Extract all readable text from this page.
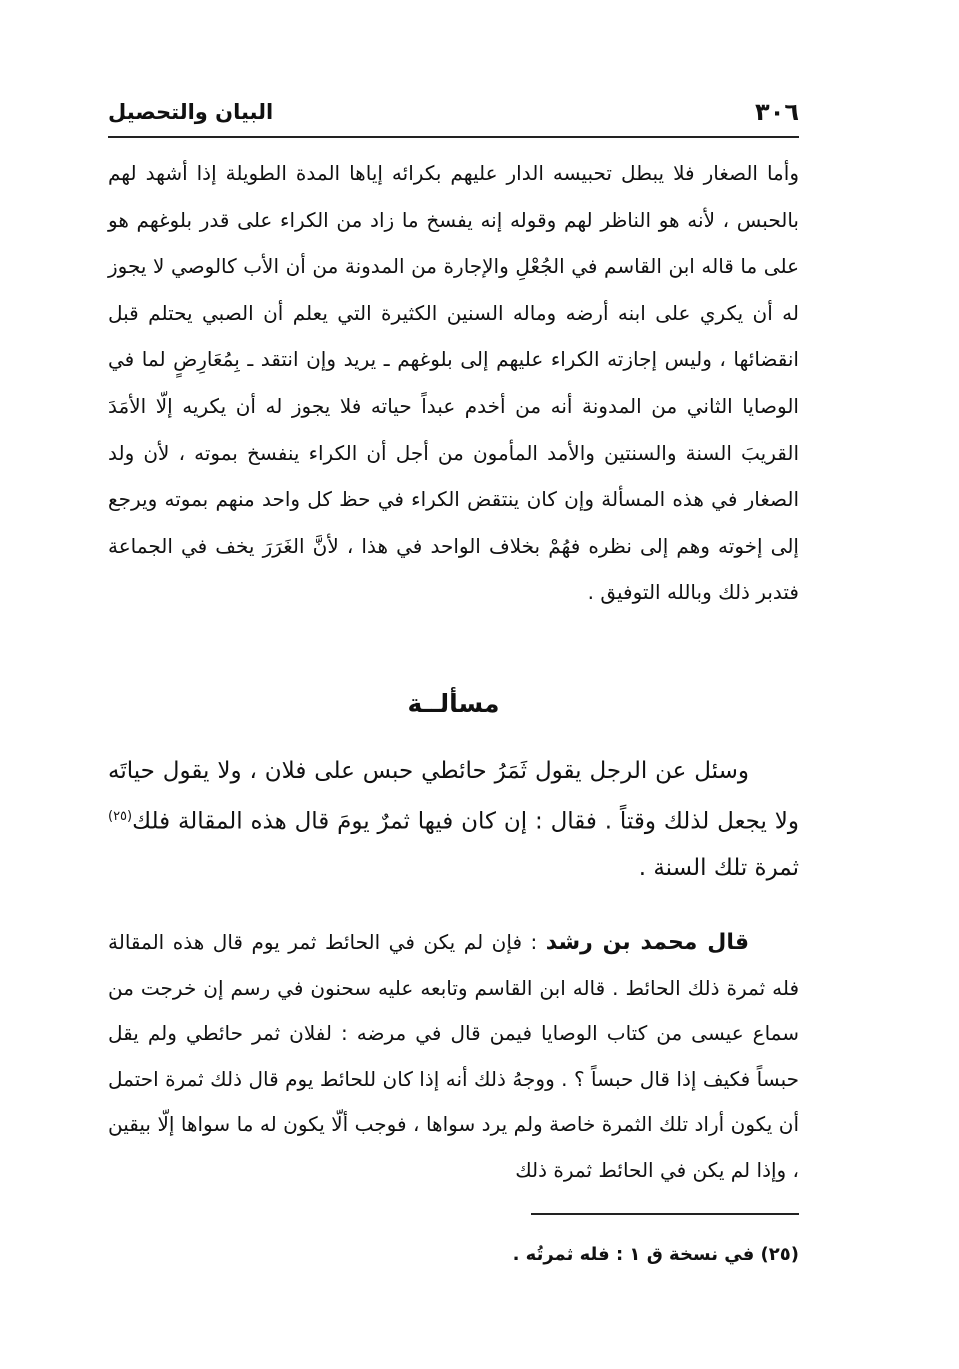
٣٠٦
البيان والتحصيل

وأما الصغار فلا يبطل تحبيسه الدار عليهم بكرائه إياها المدة الطويلة إذا أشهد لهم بالحبس ، لأنه هو الناظر لهم وقوله إنه يفسخ ما زاد من الكراء على قدر بلوغهم هو على ما قاله ابن القاسم في الجُعْلِ والإجارة من المدونة من أن الأب كالوصي لا يجوز له أن يكري على ابنه أرضه وماله السنين الكثيرة التي يعلم أن الصبي يحتلم قبل انقضائها ، وليس إجازته الكراء عليهم إلى بلوغهم ـ يريد وإن انتقد ـ بِمُعَارِضٍ لما في الوصايا الثاني من المدونة أنه من أخدم عبداً حياته فلا يجوز له أن يكريه إلّا الأمَدَ القريبَ السنة والسنتين والأمد المأمون من أجل أن الكراء ينفسخ بموته ، لأن ولد الصغار في هذه المسألة وإن كان ينتقض الكراء في حظ كل واحد منهم بموته ويرجع إلى إخوته وهم إلى نظره فهُمْ بخلاف الواحد في هذا ، لأنَّ الغَرَرَ يخف في الجماعة فتدبر ذلك وبالله التوفيق .

مسألــة

وسئل عن الرجل يقول ثَمَرُ حائطي حبس على فلان ، ولا يقول حياتَه ولا يجعل لذلك وقتاً . فقال : إن كان فيها ثمرٌ يومَ قال هذه المقالة فلك$^{(٢٥)}$ ثمرة تلك السنة .

قال محمد بن رشد : فإن لم يكن في الحائط ثمر يوم قال هذه المقالة فله ثمرة ذلك الحائط . قاله ابن القاسم وتابعه عليه سحنون في رسم إن خرجت من سماع عيسى من كتاب الوصايا فيمن قال في مرضه : لفلان ثمر حائطي ولم يقل حبساً فكيف إذا قال حبساً ؟ . ووجهُ ذلك أنه إذا كان للحائط يوم قال ذلك ثمرة احتمل أن يكون أراد تلك الثمرة خاصة ولم يرد سواها ، فوجب ألّا يكون له ما سواها إلّا بيقين ، وإذا لم يكن في الحائط ثمرة ذلك

(٢٥) في نسخة ق ١ : فله ثمرتُه .
